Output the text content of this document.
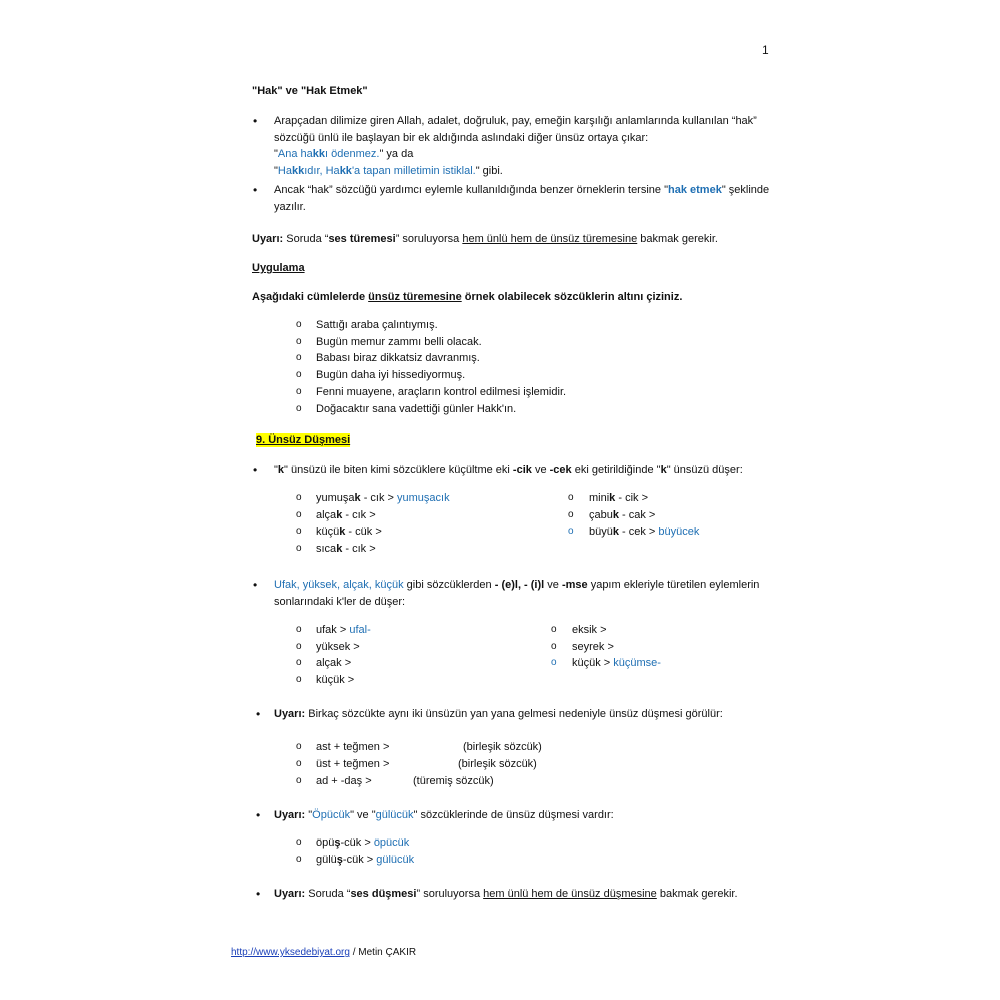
1
"Hak" ve "Hak Etmek"
• Arapçadan dilimize giren Allah, adalet, doğruluk, pay, emeğin karşılığı anlamlarında kullanılan “hak”
sözcüğü ünlü ile başlayan bir ek aldığında aslındaki diğer ünsüz ortaya çıkar:
"Ana hakkı ödenmez." ya da
"Hakkıdır, Hakk'a tapan milletimin istiklal." gibi.
• Ancak “hak” sözcüğü yardımcı eylemle kullanıldığında benzer örneklerin tersine "hak etmek" şeklinde
yazılır.
Uyarı: Soruda “ses türemesi” soruluyorsa hem ünlü hem de ünsüz türemesine bakmak gerekir.
Uygulama
Aşağıdaki cümlelerde ünsüz türemesine örnek olabilecek sözcüklerin altını çiziniz.
o Sattığı araba çalıntıymış.
o Bugün memur zammı belli olacak.
o Babası biraz dikkatsiz davranmış.
o Bugün daha iyi hissediyormuş.
o Fenni muayene, araçların kontrol edilmesi işlemidir.
o Doğacaktır sana vadettiği günler Hakk'ın.
9. Ünsüz Düşmesi
• "k" ünsüzü ile biten kimi sözcüklere küçültme eki -cik ve -cek eki getirildiğinde "k" ünsüzü düşer:
o yumuşak - cık > yumuşacık
o alçak - cık >
o küçük - cük >
o sıcak - cık >
o minik - cik >
o çabuk - cak >
o büyük - cek > büyücek
• Ufak, yüksek, alçak, küçük gibi sözcüklerden - (e)l, - (i)l ve -mse yapım ekleriyle türetilen eylemlerin
sonlarındaki k'ler de düşer:
o ufak > ufal-
o yüksek >
o alçak >
o küçük >
o eksik >
o seyrek >
o küçük > küçümse-
• Uyarı: Birkaç sözcükte aynı iki ünsüzün yan yana gelmesi nedeniyle ünsüz düşmesi görülür:
o ast + teğmen >	(birleşik sözcük)
o üst + teğmen >	(birleşik sözcük)
o ad + -daş >	(türemiş sözcük)
• Uyarı: "Öpücük" ve "gülücük" sözcüklerinde de ünsüz düşmesi vardır:
o öpüş-cük > öpücük
o gülüş-cük > gülücük
• Uyarı: Soruda “ses düşmesi” soruluyorsa hem ünlü hem de ünsüz düşmesine bakmak gerekir.
http://www.yksedebiyat.org / Metin ÇAKIR
